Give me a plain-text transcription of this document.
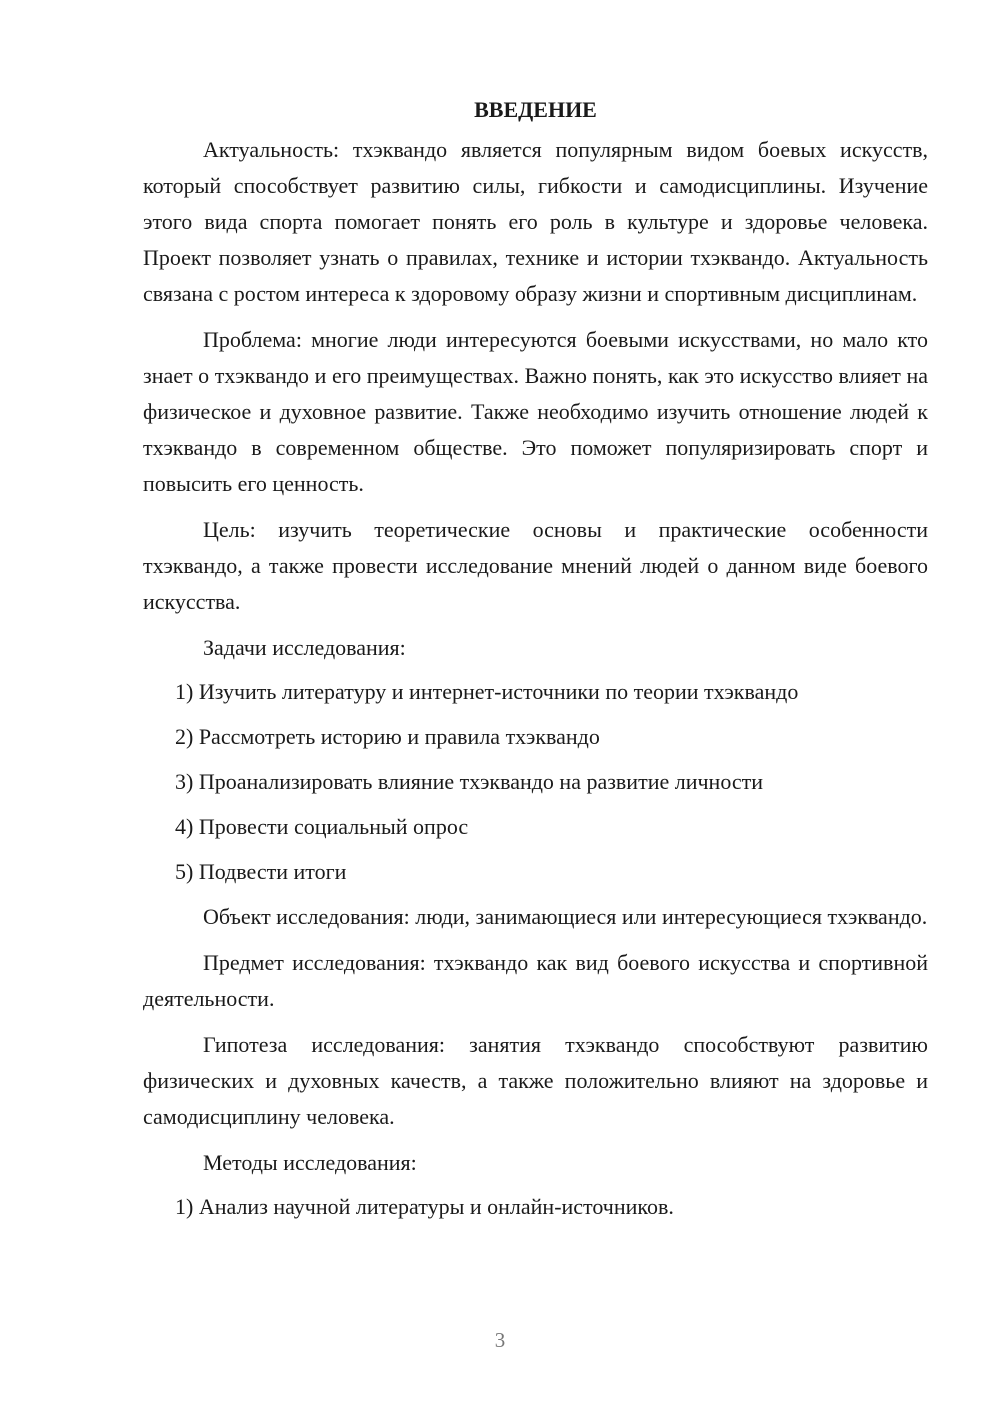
ВВЕДЕНИЕ

Актуальность: тхэквандо является популярным видом боевых искусств, который способствует развитию силы, гибкости и самодисциплины. Изучение этого вида спорта помогает понять его роль в культуре и здоровье человека. Проект позволяет узнать о правилах, технике и истории тхэквандо. Актуальность связана с ростом интереса к здоровому образу жизни и спортивным дисциплинам.

Проблема: многие люди интересуются боевыми искусствами, но мало кто знает о тхэквандо и его преимуществах. Важно понять, как это искусство влияет на физическое и духовное развитие. Также необходимо изучить отношение людей к тхэквандо в современном обществе. Это поможет популяризировать спорт и повысить его ценность.

Цель: изучить теоретические основы и практические особенности тхэквандо, а также провести исследование мнений людей о данном виде боевого искусства.

Задачи исследования:
1) Изучить литературу и интернет-источники по теории тхэквандо
2) Рассмотреть историю и правила тхэквандо
3) Проанализировать влияние тхэквандо на развитие личности
4) Провести социальный опрос
5) Подвести итоги

Объект исследования: люди, занимающиеся или интересующиеся тхэквандо.

Предмет исследования: тхэквандо как вид боевого искусства и спортивной деятельности.

Гипотеза исследования: занятия тхэквандо способствуют развитию физических и духовных качеств, а также положительно влияют на здоровье и самодисциплину человека.

Методы исследования:
1) Анализ научной литературы и онлайн-источников.
3
